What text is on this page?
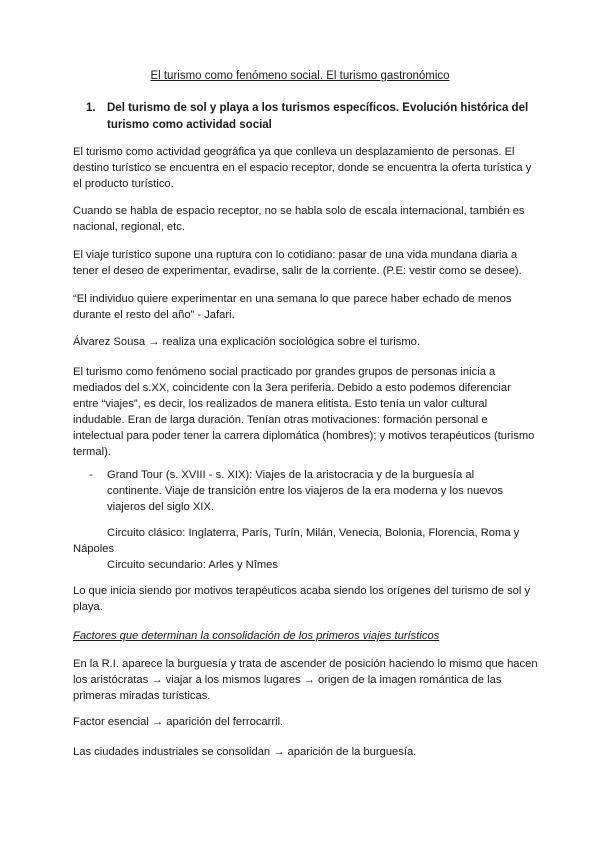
El turismo como fenómeno social. El turismo gastronómico
1. Del turismo de sol y playa a los turismos específicos. Evolución histórica del turismo como actividad social

El turismo como actividad geográfica ya que conlleva un desplazamiento de personas. El destino turístico se encuentra en el espacio receptor, donde se encuentra la oferta turística y el producto turístico.

Cuando se habla de espacio receptor, no se habla solo de escala internacional, también es nacional, regional, etc.

El viaje turístico supone una ruptura con lo cotidiano: pasar de una vida mundana diaria a tener el deseo de experimentar, evadirse, salir de la corriente. (P.E: vestir como se desee).

“El individuo quiere experimentar en una semana lo que parece haber echado de menos durante el resto del año” - Jafari.

Álvarez Sousa → realiza una explicación sociológica sobre el turismo.

El turismo como fenómeno social practicado por grandes grupos de personas inicia a mediados del s.XX, coincidente con la 3era periferia. Debido a esto podemos diferenciar entre “viajes”, es decir, los realizados de manera elitista. Esto tenía un valor cultural indudable. Eran de larga duración. Tenían otras motivaciones: formación personal e intelectual para poder tener la carrera diplomática (hombres); y motivos terapéuticos (turismo termal).

-	Grand Tour (s. XVIII - s. XIX): Viajes de la aristocracia y de la burguesía al continente. Viaje de transición entre los viajeros de la era moderna y los nuevos viajeros del siglo XIX.
Circuito clásico: Inglaterra, París, Turín, Milán, Venecia, Bolonia, Florencia, Roma y
Nápoles
Circuito secundario: Arles y Nîmes

Lo que inicia siendo por motivos terapéuticos acaba siendo los orígenes del turismo de sol y playa.

Factores que determinan la consolidación de los primeros viajes turísticos

En la R.I. aparece la burguesía y trata de ascender de posición haciendo lo mismo que hacen los aristócratas → viajar a los mismos lugares → origen de la imagen romántica de las primeras miradas turísticas.

Factor esencial → aparición del ferrocarril.

Las ciudades industriales se consolidan → aparición de la burguesía.
